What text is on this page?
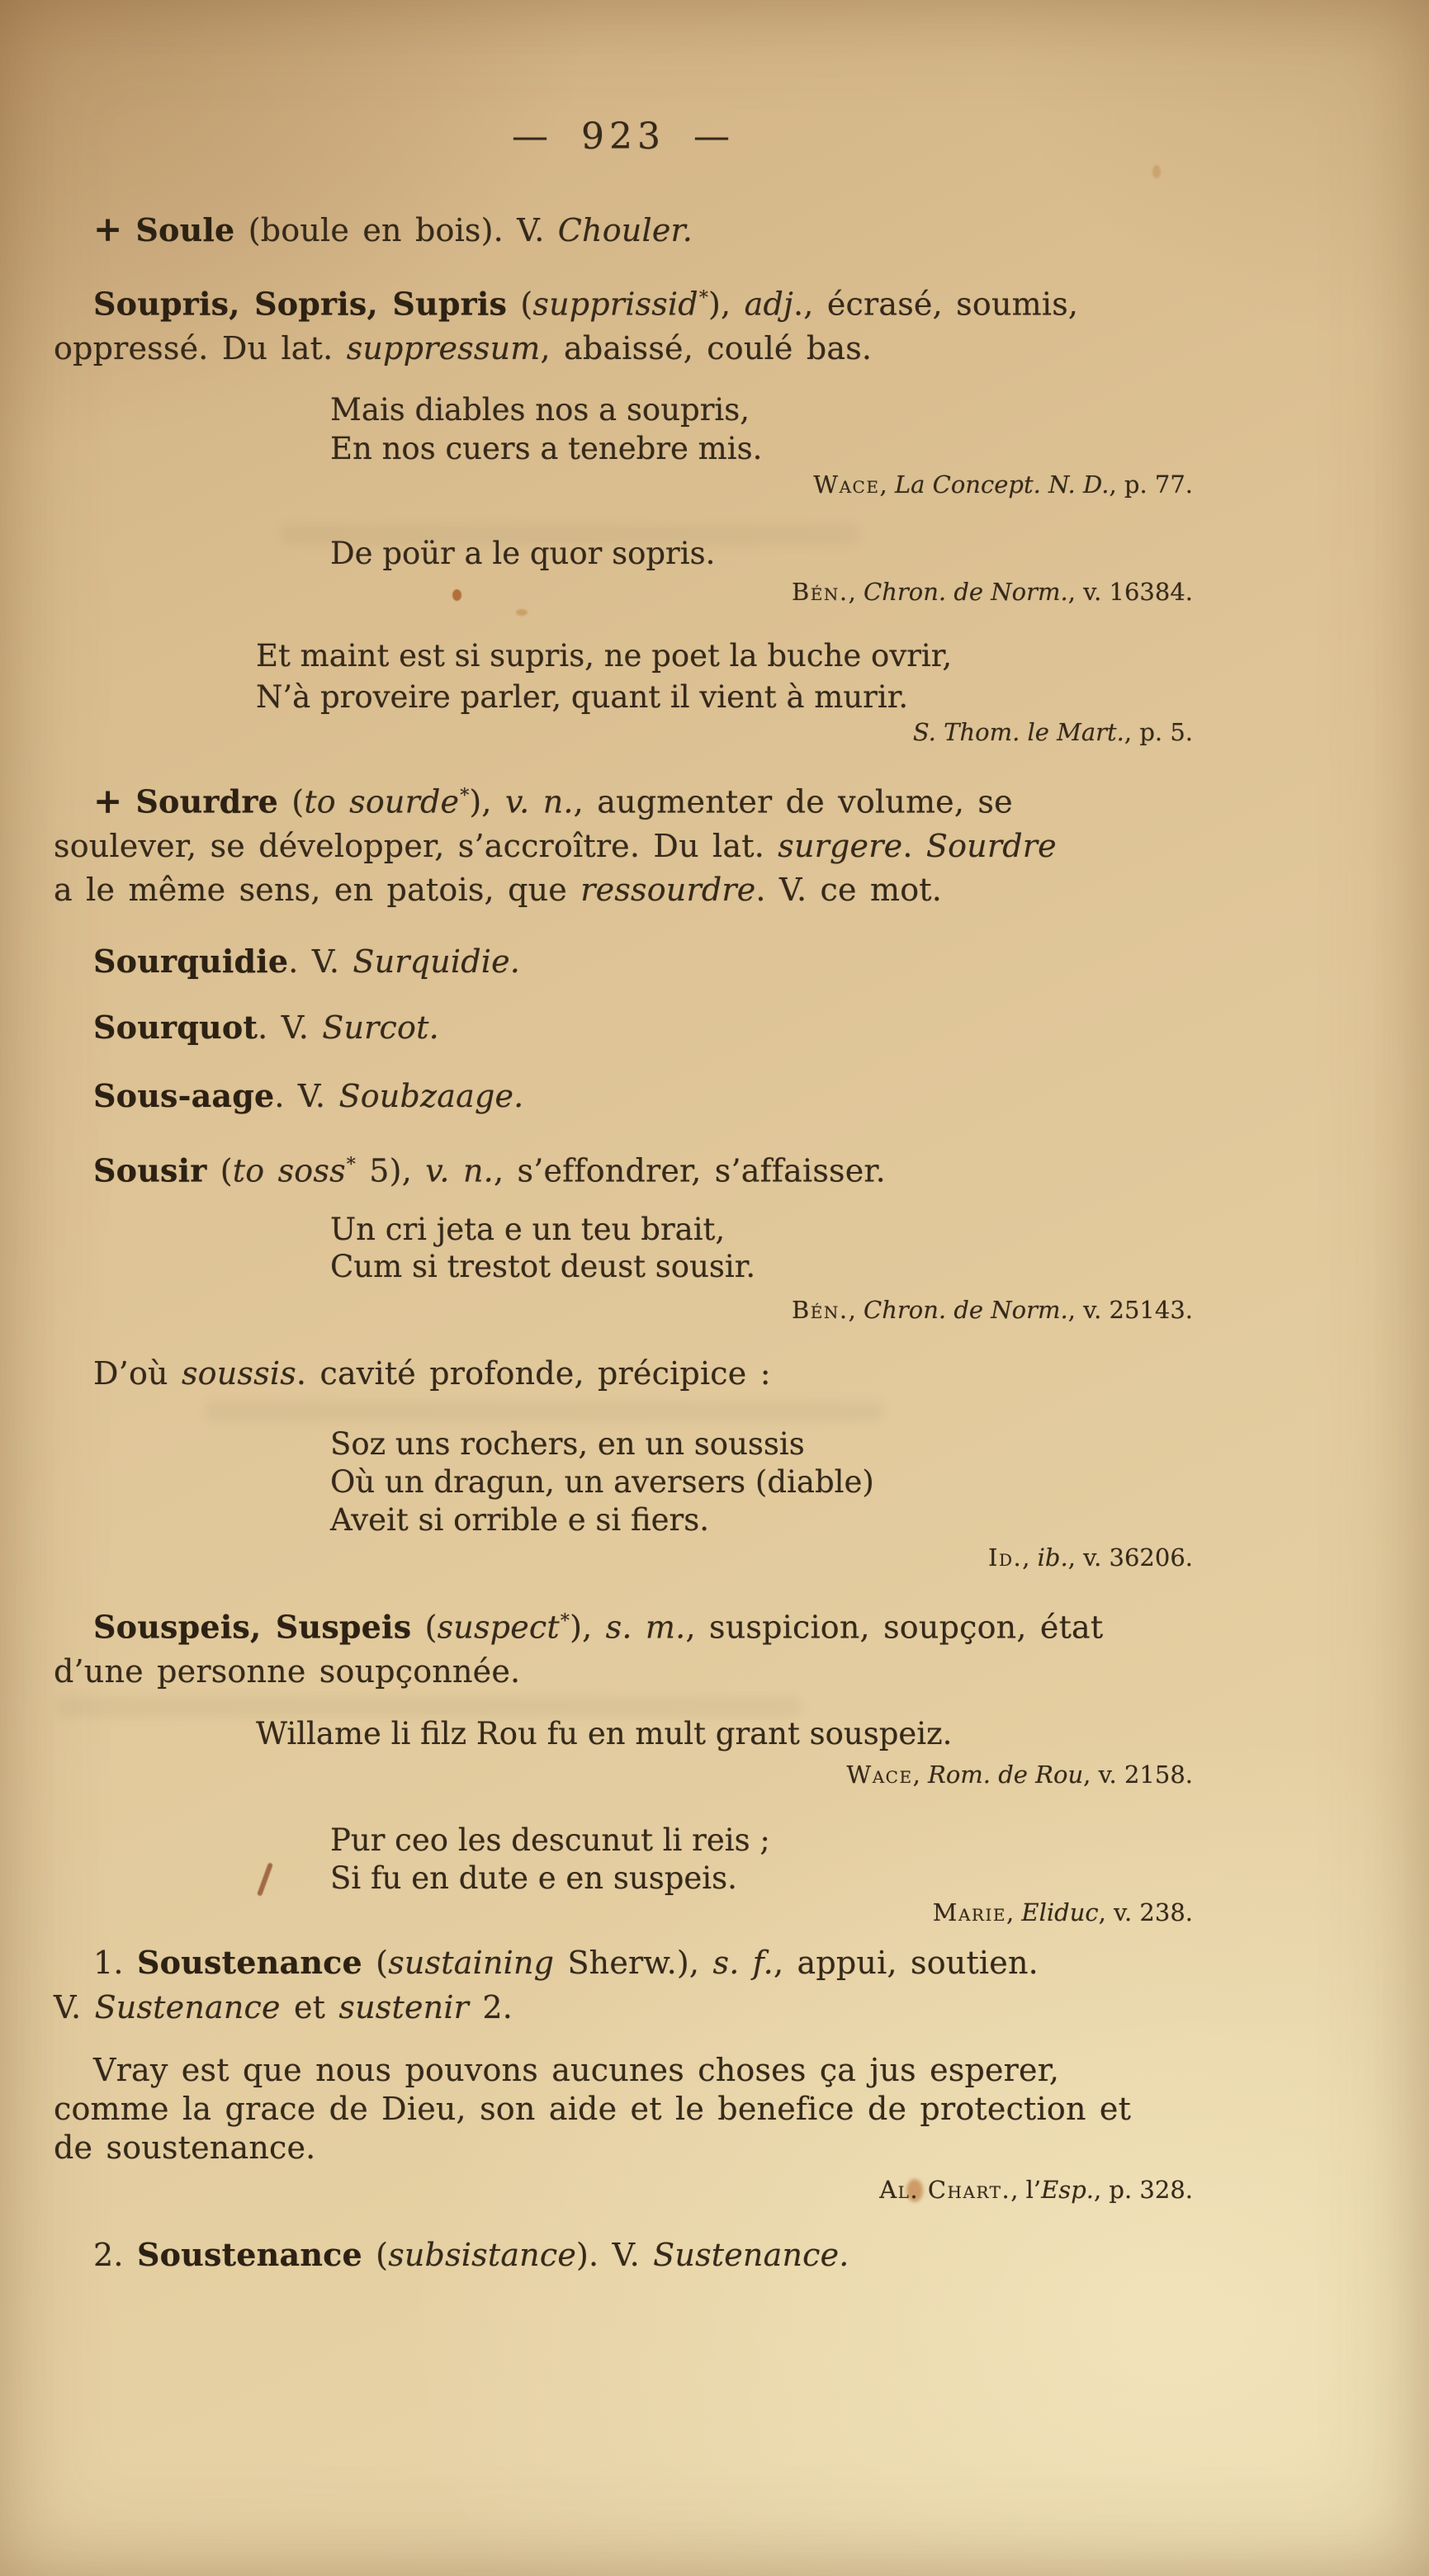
— 923 —
+ Soule (boule en bois). V. Chouler.
Soupris, Sopris, Supris (supprissid*), adj., écrasé, soumis,
oppressé. Du lat. suppressum, abaissé, coulé bas.
Mais diables nos a soupris,
En nos cuers a tenebre mis.
Wace, La Concept. N. D., p. 77.
De poür a le quor sopris.
Bén., Chron. de Norm., v. 16384.
Et maint est si supris, ne poet la buche ovrir,
N’à proveire parler, quant il vient à murir.
S. Thom. le Mart., p. 5.
+ Sourdre (to sourde*), v. n., augmenter de volume, se
soulever, se développer, s’accroître. Du lat. surgere. Sourdre
a le même sens, en patois, que ressourdre. V. ce mot.
Sourquidie. V. Surquidie.
Sourquot. V. Surcot.
Sous-aage. V. Soubzaage.
Sousir (to soss* 5), v. n., s’effondrer, s’affaisser.
Un cri jeta e un teu brait,
Cum si trestot deust sousir.
Bén., Chron. de Norm., v. 25143.
D’où soussis. cavité profonde, précipice :
Soz uns rochers, en un soussis
Où un dragun, un aversers (diable)
Aveit si orrible e si fiers.
Id., ib., v. 36206.
Souspeis, Suspeis (suspect*), s. m., suspicion, soupçon, état
d’une personne soupçonnée.
Willame li filz Rou fu en mult grant souspeiz.
Wace, Rom. de Rou, v. 2158.
Pur ceo les descunut li reis ;
Si fu en dute e en suspeis.
Marie, Eliduc, v. 238.
1. Soustenance (sustaining Sherw.), s. f., appui, soutien.
V. Sustenance et sustenir 2.
Vray est que nous pouvons aucunes choses ça jus esperer,
comme la grace de Dieu, son aide et le benefice de protection et
de soustenance.
Al. Chart., l’Esp., p. 328.
2. Soustenance (subsistance). V. Sustenance.
